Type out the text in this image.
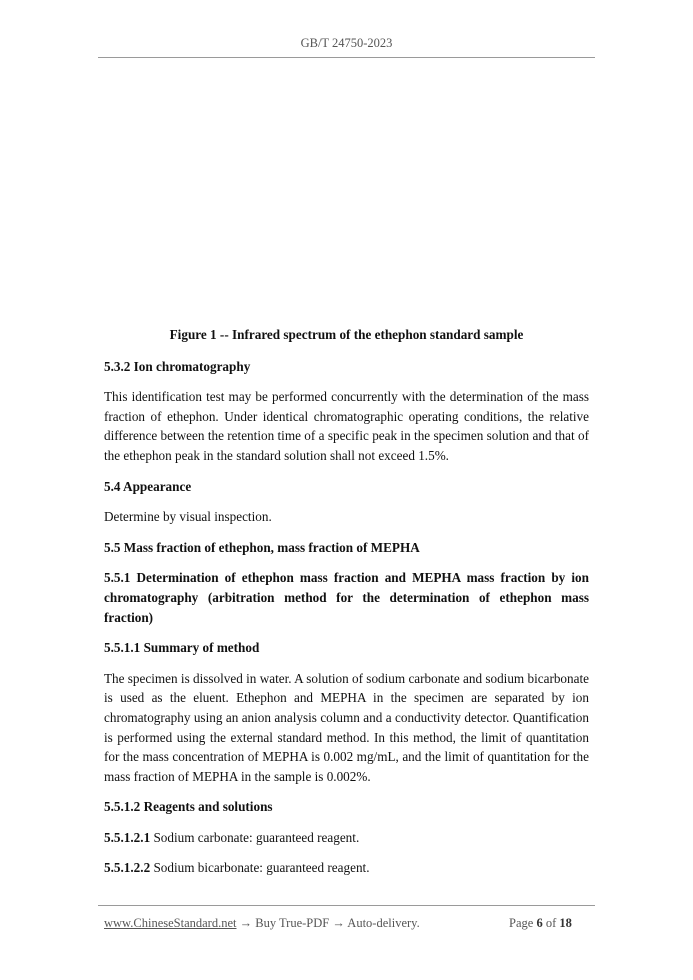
GB/T 24750-2023
Figure 1 -- Infrared spectrum of the ethephon standard sample
5.3.2 Ion chromatography
This identification test may be performed concurrently with the determination of the mass fraction of ethephon. Under identical chromatographic operating conditions, the relative difference between the retention time of a specific peak in the specimen solution and that of the ethephon peak in the standard solution shall not exceed 1.5%.
5.4 Appearance
Determine by visual inspection.
5.5 Mass fraction of ethephon, mass fraction of MEPHA
5.5.1 Determination of ethephon mass fraction and MEPHA mass fraction by ion chromatography (arbitration method for the determination of ethephon mass fraction)
5.5.1.1 Summary of method
The specimen is dissolved in water. A solution of sodium carbonate and sodium bicarbonate is used as the eluent. Ethephon and MEPHA in the specimen are separated by ion chromatography using an anion analysis column and a conductivity detector. Quantification is performed using the external standard method. In this method, the limit of quantitation for the mass concentration of MEPHA is 0.002 mg/mL, and the limit of quantitation for the mass fraction of MEPHA in the sample is 0.002%.
5.5.1.2 Reagents and solutions
5.5.1.2.1 Sodium carbonate: guaranteed reagent.
5.5.1.2.2 Sodium bicarbonate: guaranteed reagent.
www.ChineseStandard.net → Buy True-PDF → Auto-delivery.	Page 6 of 18
